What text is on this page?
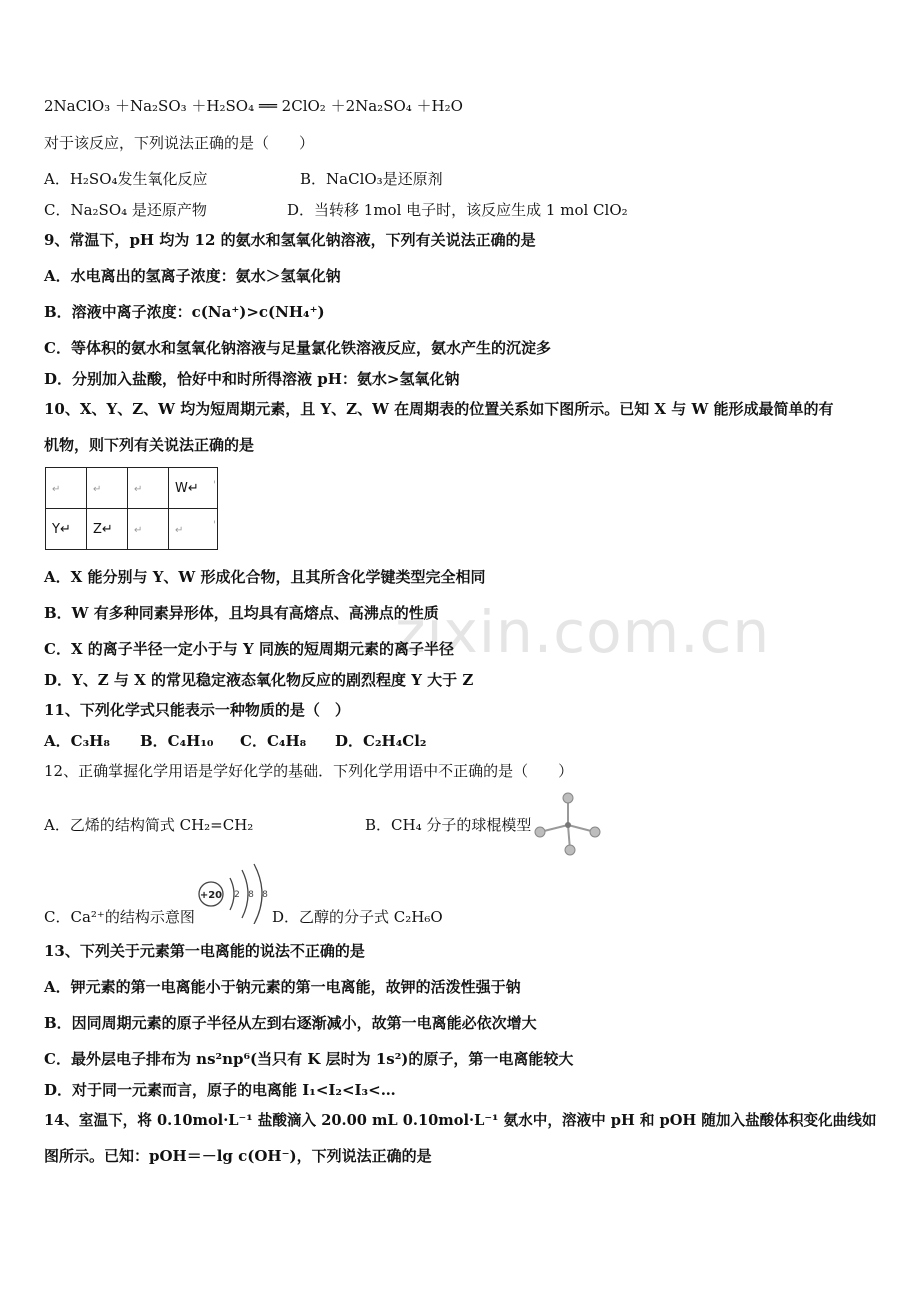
zixin.com.cn
2NaClO₃ ＋Na₂SO₃ ＋H₂SO₄ ══ 2ClO₂ ＋2Na₂SO₄ ＋H₂O
对于该反应，下列说法正确的是（　　）
A．H₂SO₄发生氧化反应	B．NaClO₃是还原剂
C．Na₂SO₄ 是还原产物	D．当转移 1mol 电子时，该反应生成 1 mol ClO₂
9、常温下，pH 均为 12 的氨水和氢氧化钠溶液，下列有关说法正确的是
A．水电离出的氢离子浓度：氨水＞氢氧化钠
B．溶液中离子浓度：c(Na⁺)>c(NH₄⁺)
C．等体积的氨水和氢氧化钠溶液与足量氯化铁溶液反应，氨水产生的沉淀多
D．分别加入盐酸，恰好中和时所得溶液 pH：氨水>氢氧化钠
10、X、Y、Z、W 均为短周期元素，且 Y、Z、W 在周期表的位置关系如下图所示。已知 X 与 W 能形成最简单的有
机物，则下列有关说法正确的是
↵	↵	↵	W↵
Y↵	Z↵	↵	↵
'
'
A．X 能分别与 Y、W 形成化合物，且其所含化学键类型完全相同
B．W 有多种同素异形体，且均具有高熔点、高沸点的性质
C．X 的离子半径一定小于与 Y 同族的短周期元素的离子半径
D．Y、Z 与 X 的常见稳定液态氧化物反应的剧烈程度 Y 大于 Z
11、下列化学式只能表示一种物质的是（　）
A．C₃H₈ B．C₄H₁₀ C．C₄H₈ D．C₂H₄Cl₂
12、正确掌握化学用语是学好化学的基础．下列化学用语中不正确的是（　　）
A．乙烯的结构简式 CH₂=CH₂	B．CH₄ 分子的球棍模型
C．Ca²⁺的结构示意图
+20 2 8 8
D．乙醇的分子式 C₂H₆O
13、下列关于元素第一电离能的说法不正确的是
A．钾元素的第一电离能小于钠元素的第一电离能，故钾的活泼性强于钠
B．因同周期元素的原子半径从左到右逐渐减小，故第一电离能必依次增大
C．最外层电子排布为 ns²np⁶(当只有 K 层时为 1s²)的原子，第一电离能较大
D．对于同一元素而言，原子的电离能 I₁<I₂<I₃<…
14、室温下，将 0.10mol·L⁻¹ 盐酸滴入 20.00 mL 0.10mol·L⁻¹ 氨水中，溶液中 pH 和 pOH 随加入盐酸体积变化曲线如
图所示。已知：pOH＝－lg c(OH⁻)，下列说法正确的是
